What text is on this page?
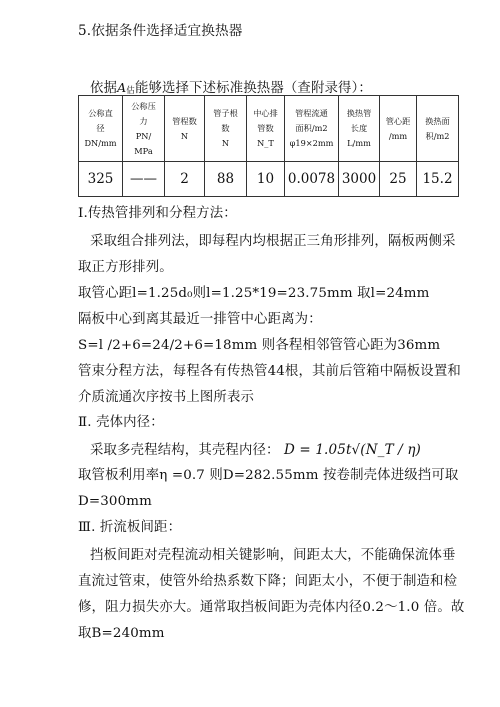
5.依据条件选择适宜换热器
依据A估能够选择下述标准换热器（查附录得）：
公称直
径
DN/mm	公称压
力
PN/
MPa	管程数
N	管子根
数
N	中心排
管数
N_T	管程流通
面积/m2
φ19×2mm	换热管
长度
L/mm	管心距
/mm	换热面
积/m2
325	——	2	88	10	0.0078	3000	25	15.2
Ⅰ.传热管排列和分程方法：
采取组合排列法，即每程内均根据正三角形排列，隔板两侧采
取正方形排列。
取管心距l=1.25d₀则l=1.25*19=23.75mm 取l=24mm
隔板中心到离其最近一排管中心距离为：
S=l /2+6=24/2+6=18mm 则各程相邻管管心距为36mm
管束分程方法，每程各有传热管44根，其前后管箱中隔板设置和
介质流通次序按书上图所表示
Ⅱ. 壳体内径：
采取多壳程结构，其壳程内径： D = 1.05t√(N_T / η)
取管板利用率η =0.7 则D=282.55mm 按卷制壳体进级挡可取
D=300mm
Ⅲ. 折流板间距：
挡板间距对壳程流动相关键影响，间距太大，不能确保流体垂
直流过管束，使管外给热系数下降；间距太小，不便于制造和检
修，阻力损失亦大。通常取挡板间距为壳体内径0.2～1.0 倍。故
取B=240mm
